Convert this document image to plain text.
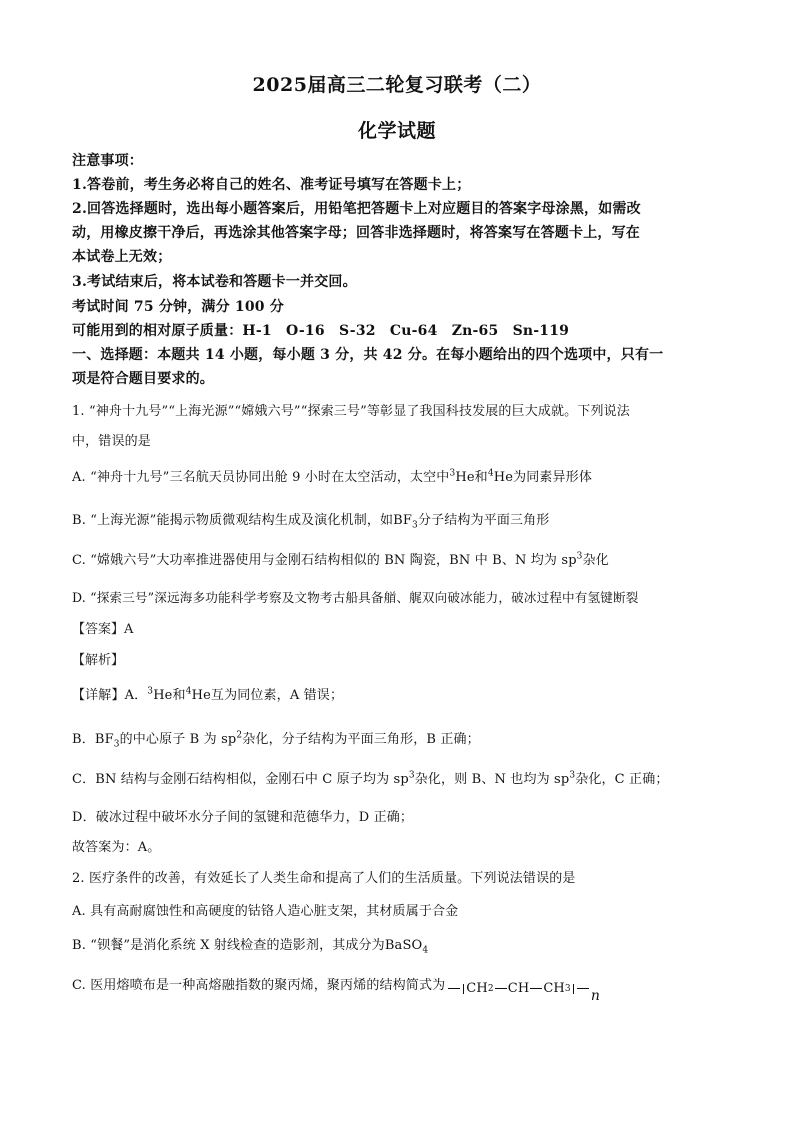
2025届高三二轮复习联考（二）
化学试题
注意事项：
1.答卷前，考生务必将自己的姓名、准考证号填写在答题卡上；
2.回答选择题时，选出每小题答案后，用铅笔把答题卡上对应题目的答案字母涂黑，如需改
动，用橡皮擦干净后，再选涂其他答案字母；回答非选择题时，将答案写在答题卡上，写在
本试卷上无效；
3.考试结束后，将本试卷和答题卡一并交回。
考试时间 75 分钟，满分 100 分
可能用到的相对原子质量：H-1　O-16　S-32　Cu-64　Zn-65　Sn-119
一、选择题：本题共 14 小题，每小题 3 分，共 42 分。在每小题给出的四个选项中，只有一
项是符合题目要求的。
1. “神舟十九号”“上海光源”“嫦娥六号”“探索三号”等彰显了我国科技发展的巨大成就。下列说法
中，错误的是
A. “神舟十九号”三名航天员协同出舱 9 小时在太空活动，太空中$^3$He和$^4$He为同素异形体
B. “上海光源”能揭示物质微观结构生成及演化机制，如$BF_3$分子结构为平面三角形
C. “嫦娥六号”大功率推进器使用与金刚石结构相似的 BN 陶瓷，BN 中 B、N 均为 $sp^3$杂化
D. “探索三号”深远海多功能科学考察及文物考古船具备艏、艉双向破冰能力，破冰过程中有氢键断裂
【答案】A
【解析】
【详解】A．$^3$He和$^4$He互为同位素，A 错误；
B．$BF_3$的中心原子 B 为 $sp^2$杂化，分子结构为平面三角形，B 正确；
C．BN 结构与金刚石结构相似，金刚石中 C 原子均为 $sp^3$杂化，则 B、N 也均为 $sp^3$杂化，C 正确；
D．破冰过程中破坏水分子间的氢键和范德华力，D 正确；
故答案为：A。
2. 医疗条件的改善，有效延长了人类生命和提高了人们的生活质量。下列说法错误的是
A. 具有高耐腐蚀性和高硬度的钴铬人造心脏支架，其材质属于合金
B. “钡餐”是消化系统 X 射线检查的造影剂，其成分为BaSO$_4$
C. 医用熔喷布是一种高熔融指数的聚丙烯，聚丙烯的结构简式为 CH 2 CH CH 3 n
